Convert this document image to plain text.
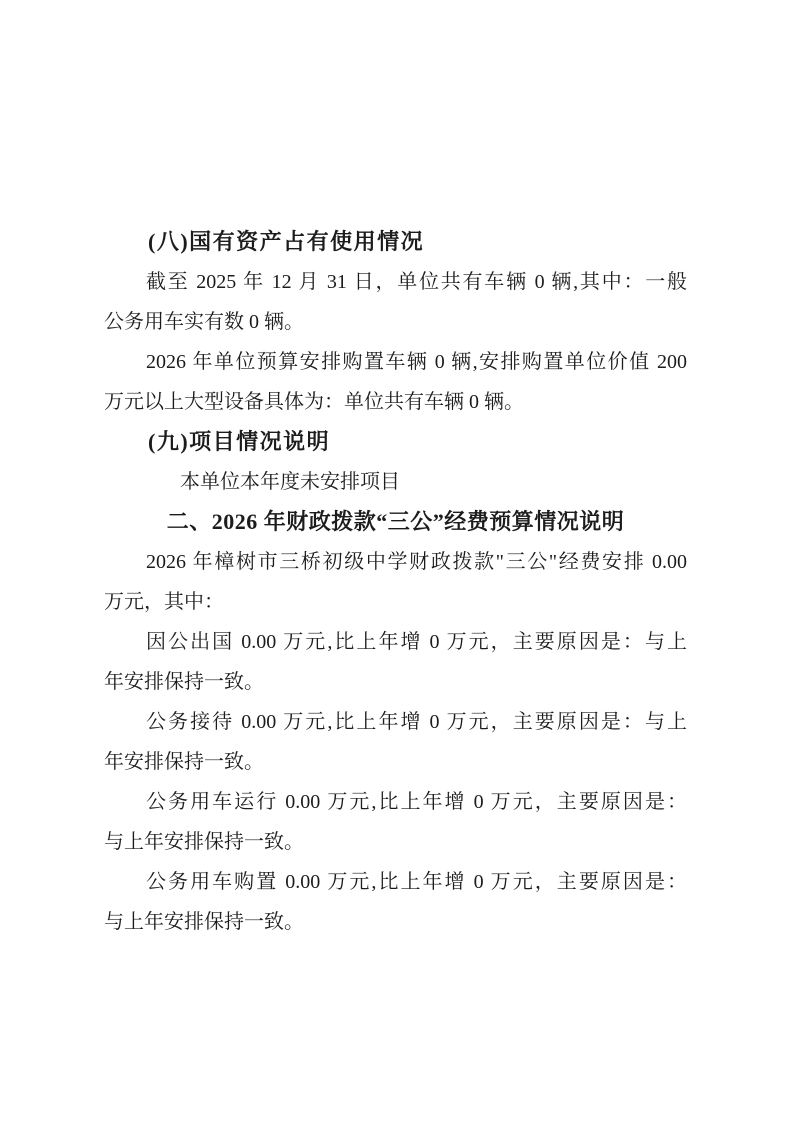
(八)国有资产占有使用情况
截至 2025 年 12 月 31 日，单位共有车辆 0 辆,其中：一般
公务用车实有数 0 辆。
2026 年单位预算安排购置车辆 0 辆,安排购置单位价值 200
万元以上大型设备具体为：单位共有车辆 0 辆。
(九)项目情况说明
本单位本年度未安排项目
二、2026 年财政拨款“三公”经费预算情况说明
2026 年樟树市三桥初级中学财政拨款"三公"经费安排 0.00
万元，其中：
因公出国 0.00 万元,比上年增 0 万元，主要原因是：与上
年安排保持一致。
公务接待 0.00 万元,比上年增 0 万元，主要原因是：与上
年安排保持一致。
公务用车运行 0.00 万元,比上年增 0 万元，主要原因是：
与上年安排保持一致。
公务用车购置 0.00 万元,比上年增 0 万元，主要原因是：
与上年安排保持一致。
